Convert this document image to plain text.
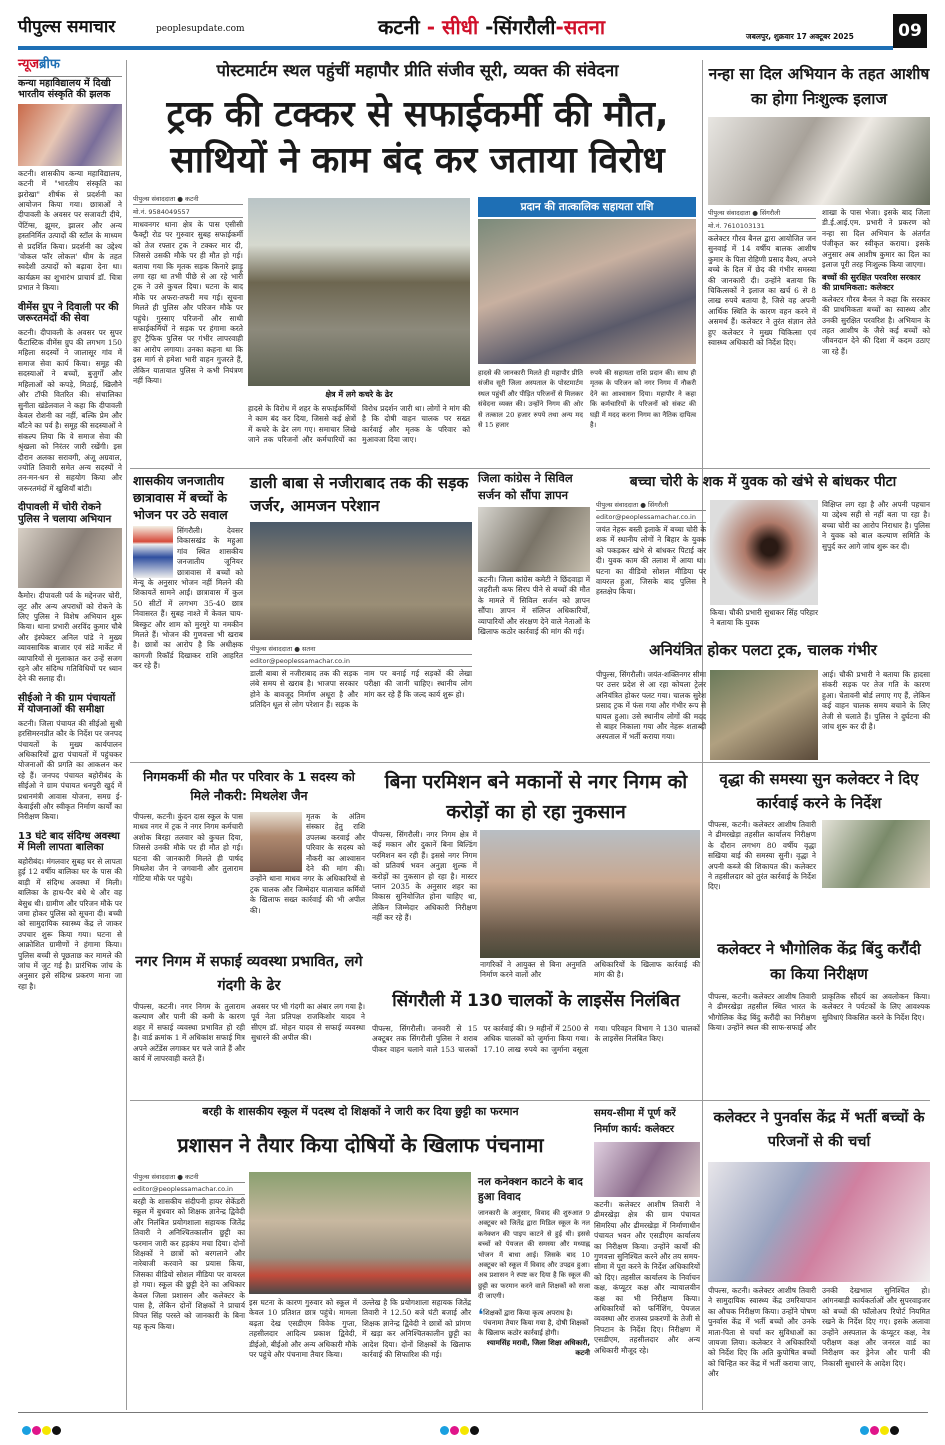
पीपुल्स समाचार	peoplesupdate.com	कटनी - सीधी -सिंगरौली-सतना	जबलपुर, शुक्रवार 17 अक्टूबर 2025	09
न्यूजब्रीफ
कन्या महाविद्यालय में दिखी भारतीय संस्कृति की झलक
कटनी। शासकीय कन्या महाविद्यालय, कटनी में "भारतीय संस्कृति का झरोखा" शीर्षक से प्रदर्शनी का आयोजन किया गया। छात्राओं ने दीपावली के अवसर पर सजावटी दीये, पेंटिंग्स, झूमर, झालर और अन्य हस्तनिर्मित उत्पादों की स्टॉल के माध्यम से प्रदर्शित किया। प्रदर्शनी का उद्देश्य 'वोकल फॉर लोकल' थीम के तहत स्वदेशी उत्पादों को बढ़ावा देना था। कार्यक्रम का शुभारंभ प्राचार्य डॉ. चित्रा प्रभात ने किया।
वीमेंस ग्रुप ने दिवाली पर की जरूरतमंदों की सेवा
कटनी। दीपावली के अवसर पर सुपर फैंटास्टिक वीमेंस ग्रुप की लगभग 150 महिला सदस्यों ने जालासूर गांव में समाज सेवा कार्य किया। समूह की सदस्याओं ने बच्चों, बुजुर्गों और महिलाओं को कपड़े, मिठाई, खिलौने और टॉफी वितरित की। संचालिका सुनीता खंडेलवाल ने कहा कि दीपावली केवल रोशनी का नहीं, बल्कि प्रेम और बाँटने का पर्व है। समूह की सदस्याओं ने संकल्प लिया कि वे समाज सेवा की श्रृंखला को निरंतर जारी रखेंगी। इस दौरान अलका सरावगी, अंजू अग्रवाल, ज्योति तिवारी समेत अन्य सदस्यों ने तन-मन-धन से सहयोग किया और जरूरतमंदों में खुशियाँ बांटी।
दीपावली में चोरी रोकने पुलिस ने चलाया अभियान
कैमोर। दीपावली पर्व के मद्देनजर चोरी, लूट और अन्य अपराधों को रोकने के लिए पुलिस ने विशेष अभियान शुरू किया। थाना प्रभारी अरविंद कुमार चौबे और इंस्पेक्टर अनिल पांडे ने मुख्य व्यावसायिक बाजार एवं संडे मार्केट में व्यापारियों से मुलाकात कर उन्हें सजग रहने और संदिग्ध गतिविधियों पर ध्यान देने की सलाह दी।
सीईओ ने की ग्राम पंचायतों में योजनाओं की समीक्षा
कटनी। जिला पंचायत की सीईओ सुश्री हरसिमरनप्रीत कौर के निर्देश पर जनपद पंचायतों के मुख्य कार्यपालन अधिकारियों द्वारा पंचायतों में पहुंचकर योजनाओं की प्रगति का आकलन कर रहे हैं। जनपद पंचायत बहोरीबंद के सीईओ ने ग्राम पंचायत धनपुरी खुर्द में प्रधानमंत्री आवास योजना, समग्र ई-केवाईसी और स्वीकृत निर्माण कार्यों का निरीक्षण किया।
13 घंटे बाद संदिग्ध अवस्था में मिली लापता बालिका
बहोरीबंद। मंगलवार सुबह घर से लापता हुई 12 वर्षीय बालिका घर के पास की बाड़ी में संदिग्ध अवस्था में मिली। बालिका के हाथ-पैर बंधे थे और वह बेसुध थी। ग्रामीण और परिजन मौके पर जमा होकर पुलिस को सूचना दी। बच्ची को सामुदायिक स्वास्थ्य केंद्र ले जाकर उपचार शुरू किया गया। घटना से आक्रोशित ग्रामीणों ने हंगामा किया। पुलिस बच्ची से पूछताछ कर मामले की जांच में जुट गई है। प्रारंभिक जांच के अनुसार इसे संदिग्ध प्रकरण माना जा रहा है।
पोस्टमार्टम स्थल पहुंचीं महापौर प्रीति संजीव सूरी, व्यक्त की संवेदना
ट्रक की टक्कर से सफाईकर्मी की मौत, साथियों ने काम बंद कर जताया विरोध
पीपुल्स संवाददाता ● कटनी
मो.नं. 9584049557
माधवनगर थाना क्षेत्र के पास एसीसी फैक्ट्री रोड पर गुरुवार सुबह सफाईकर्मी को तेज रफ्तार ट्रक ने टक्कर मार दी, जिससे उसकी मौके पर ही मौत हो गई। बताया गया कि मृतक सड़क किनारे झाड़ू लगा रहा था तभी पीछे से आ रहे भारी ट्रक ने उसे कुचल दिया। घटना के बाद मौके पर अफरा-तफरी मच गई। सूचना मिलते ही पुलिस और परिजन मौके पर पहुंचे। गुस्साए परिजनों और साथी सफाईकर्मियों ने सड़क पर हंगामा करते हुए ट्रैफिक पुलिस पर गंभीर लापरवाही का आरोप लगाया। उनका कहना था कि इस मार्ग से हमेशा भारी वाहन गुजरते हैं, लेकिन यातायात पुलिस ने कभी नियंत्रण नहीं किया।
क्षेत्र में लगे कचरे के ढेर
हादसे के विरोध में शहर के सफाईकर्मियों ने काम बंद कर दिया, जिससे कई क्षेत्रों में कचरे के ढेर लग गए। समाचार लिखे जाने तक परिजनों और कर्मचारियों का विरोध प्रदर्शन जारी था। लोगों ने मांग की है कि दोषी वाहन चालक पर सख्त कार्रवाई और मृतक के परिवार को मुआवजा दिया जाए।
प्रदान की तात्कालिक सहायता राशि
हादसे की जानकारी मिलते ही महापौर प्रीति संजीव सूरी जिला अस्पताल के पोस्टमार्टम स्थल पहुंचीं और पीड़ित परिजनों से मिलकर संवेदना व्यक्त की। उन्होंने निगम की ओर से तत्काल 20 हजार रुपये तथा अन्य मद से 15 हजार
रुपये की सहायता राशि प्रदान की। साथ ही मृतक के परिजन को नगर निगम में नौकरी देने का आश्वासन दिया। महापौर ने कहा कि कर्मचारियों के परिजनों को संकट की घड़ी में मदद करना निगम का नैतिक दायित्व है।
नन्हा सा दिल अभियान के तहत आशीष का होगा निःशुल्क इलाज
पीपुल्स संवाददाता ● सिंगरौली
मो.नं. 7610103131
कलेक्टर गौरव बैनल द्वारा आयोजित जन सुनवाई में 14 वर्षीय बालक आशीष कुमार के पिता रोहिणी प्रसाद वैश्य, अपने बच्चे के दिल में छेद की गंभीर समस्या की जानकारी दी। उन्होंने बताया कि चिकित्सकों ने इलाज का खर्च 6 से 8 लाख रुपये बताया है, जिसे वह अपनी आर्थिक स्थिति के कारण वहन करने में असमर्थ हैं। कलेक्टर ने तुरंत संज्ञान लेते हुए कलेक्टर ने मुख्य चिकित्सा एवं स्वास्थ्य अधिकारी को निर्देश दिए।
शाखा के पास भेजा। इसके बाद जिला डी.ई.आई.एम. प्रभारी ने प्रकरण को नन्हा सा दिल अभियान के अंतर्गत पंजीकृत कर स्वीकृत कराया। इसके अनुसार अब आशीष कुमार का दिल का इलाज पूरी तरह निःशुल्क किया जाएगा।
बच्चों की सुरक्षित परवरिश सरकार की प्राथमिकता: कलेक्टर
कलेक्टर गौरव बैनल ने कहा कि सरकार की प्राथमिकता बच्चों का स्वास्थ्य और उनकी सुरक्षित परवरिश है। अभियान के तहत आशीष के जैसे कई बच्चों को जीवनदान देने की दिशा में कदम उठाए जा रहे हैं।
शासकीय जनजातीय छात्रावास में बच्चों के भोजन पर उठे सवाल
सिंगरौली। देवसर विकासखंड के महुआ गांव स्थित शासकीय जनजातीय जूनियर छात्रावास में बच्चों को मेन्यू के अनुसार भोजन नहीं मिलने की शिकायतें सामने आईं। छात्रावास में कुल 50 सीटों में लगभग 35-40 छात्र निवासरत हैं। सुबह नाश्ते में केवल चाय-बिस्कुट और शाम को मुरमुरे या नमकीन मिलते हैं। भोजन की गुणवत्ता भी खराब है। छात्रों का आरोप है कि अधीक्षक कागजी रिकॉर्ड दिखाकर राशि आहरित कर रहे हैं।
डाली बाबा से नजीराबाद तक की सड़क जर्जर, आमजन परेशान
पीपुल्स संवाददाता ● सतना
editor@peoplessamachar.co.in
डाली बाबा से नजीराबाद तक की सड़क लंबे समय से खराब है। भाजपा सरकार होने के बावजूद निर्माण अधूरा है और प्रतिदिन धूल से लोग परेशान हैं। सड़क के नाम पर बनाई गई सड़कों की लेखा परीक्षा की जानी चाहिए। स्थानीय लोग मांग कर रहे हैं कि जल्द कार्य शुरू हो।
जिला कांग्रेस ने सिविल सर्जन को सौंपा ज्ञापन
कटनी। जिला कांग्रेस कमेटी ने छिंदवाड़ा में जहरीली कफ सिरप पीने से बच्चों की मौत के मामले में सिविल सर्जन को ज्ञापन सौंपा। ज्ञापन में संलिप्त अधिकारियों, व्यापारियों और संरक्षण देने वाले नेताओं के खिलाफ कठोर कार्रवाई की मांग की गई।
बच्चा चोरी के शक में युवक को खंभे से बांधकर पीटा
पीपुल्स संवाददाता ● सिंगरौली
editor@peoplessamachar.co.in
जयंत नेहरू बस्ती इलाके में बच्चा चोरी के शक में स्थानीय लोगों ने बिहार के युवक को पकड़कर खंभे से बांधकर पिटाई कर दी। युवक काम की तलाश में आया था। घटना का वीडियो सोशल मीडिया पर वायरल हुआ, जिसके बाद पुलिस ने हस्तक्षेप किया।
किया। चौकी प्रभारी सुधाकर सिंह परिहार ने बताया कि युवक
विक्षिप्त लग रहा है और अपनी पहचान या उद्देश्य सही से नहीं बता पा रहा है। बच्चा चोरी का आरोप निराधार है। पुलिस ने युवक को बाल कल्याण समिति के सुपुर्द कर आगे जांच शुरू कर दी।
अनियंत्रित होकर पलटा ट्रक, चालक गंभीर
पीपुल्स, सिंगरौली। जयंत-शक्तिनगर सीमा पर उत्तर प्रदेश से आ रहा कोयला ट्रेलर अनियंत्रित होकर पलट गया। चालक सुरेश प्रसाद ट्रक में फंस गया और गंभीर रूप से घायल हुआ। उसे स्थानीय लोगों की मदद से बाहर निकाला गया और नेहरू शताब्दी अस्पताल में भर्ती कराया गया।
आई। चौकी प्रभारी ने बताया कि हादसा संकरी सड़क पर तेज गति के कारण हुआ। चेतावनी बोर्ड लगाए गए हैं, लेकिन कई वाहन चालक समय बचाने के लिए तेजी से चलाते हैं। पुलिस ने दुर्घटना की जांच शुरू कर दी है।
निगमकर्मी की मौत पर परिवार के 1 सदस्य को मिले नौकरी: मिथलेश जैन
पीपल्स, कटनी। कुंदन दास स्कूल के पास माधव नगर में ट्रक ने नगर निगम कर्मचारी अशोक बिरहा तलवार को कुचल दिया, जिससे उनकी मौके पर ही मौत हो गई। घटना की जानकारी मिलते ही पार्षद मिथलेश जैन ने जगवानी और तुलाराम गोटिया मौके पर पहुंचे।
मृतक के अंतिम संस्कार हेतु राशि उपलब्ध करवाई और परिवार के सदस्य को नौकरी का आश्वासन देने की मांग की। उन्होंने थाना माधव नगर के अधिकारियों से ट्रक चालक और जिम्मेदार यातायात कर्मियों के खिलाफ सख्त कार्रवाई की भी अपील की।
बिना परमिशन बने मकानों से नगर निगम को करोड़ों का हो रहा नुकसान
पीपल्स, सिंगरौली। नगर निगम क्षेत्र में कई मकान और दुकानें बिना बिल्डिंग परमिशन बन रही हैं। इससे नगर निगम को प्रतिवर्ष भवन अनुज्ञा शुल्क में करोड़ों का नुकसान हो रहा है। मास्टर प्लान 2035 के अनुसार शहर का विकास सुनियोजित होना चाहिए था, लेकिन जिम्मेदार अधिकारी निरीक्षण नहीं कर रहे हैं।
नागरिकों ने आयुक्त से बिना अनुमति निर्माण करने वालों और
अधिकारियों के खिलाफ कार्रवाई की मांग की है।
वृद्धा की समस्या सुन कलेक्टर ने दिए कार्रवाई करने के निर्देश
पीपल्स, कटनी। कलेक्टर आशीष तिवारी ने ढीमरखेड़ा तहसील कार्यालय निरीक्षण के दौरान लगभग 80 वर्षीय वृद्धा सखिया बाई की समस्या सुनी। वृद्धा ने अपनी कब्जे की शिकायत की। कलेक्टर ने तहसीलदार को तुरंत कार्रवाई के निर्देश दिए।
नगर निगम में सफाई व्यवस्था प्रभावित, लगे गंदगी के ढेर
पीपल्स, कटनी। नगर निगम के तुलाराम कल्याण और पानी की कमी के कारण शहर में सफाई व्यवस्था प्रभावित हो रही है। वार्ड क्रमांक 1 में अधिकांश सफाई मित्र अपने अटेंडेंस लगाकर घर चले जाते हैं और कार्य में लापरवाही करते हैं।
अवसर पर भी गंदगी का अंबार लग गया है। पूर्व नेता प्रतिपक्ष राजकिशोर यादव ने सीएम डॉ. मोहन यादव से सफाई व्यवस्था सुधारने की अपील की।
सिंगरौली में 130 चालकों के लाइसेंस निलंबित
पीपल्स, सिंगरौली। जनवरी से 15 अक्टूबर तक सिंगरौली पुलिस ने शराब पीकर वाहन चलाने वाले 153 चालकों पर कार्रवाई की। 9 महीनों में 2500 से अधिक चालकों को जुर्माना किया गया। 17.10 लाख रुपये का जुर्माना वसूला गया। परिवहन विभाग ने 130 चालकों के लाइसेंस निलंबित किए।
कलेक्टर ने भौगोलिक केंद्र बिंदु करौंदी का किया निरीक्षण
पीपल्स, कटनी। कलेक्टर आशीष तिवारी ने ढीमरखेड़ा तहसील स्थित भारत के भौगोलिक केंद्र बिंदु करौंदी का निरीक्षण किया। उन्होंने स्थल की साफ-सफाई और प्राकृतिक सौंदर्य का अवलोकन किया। कलेक्टर ने पर्यटकों के लिए आवश्यक सुविधाएं विकसित करने के निर्देश दिए।
बरही के शासकीय स्कूल में पदस्थ दो शिक्षकों ने जारी कर दिया छुट्टी का फरमान
प्रशासन ने तैयार किया दोषियों के खिलाफ पंचनामा
पीपुल्स संवाददाता ● कटनी
editor@peoplessamachar.co.in
बरही के शासकीय संदीपनी हायर सेकेंडरी स्कूल में बुधवार को शिक्षक ज्ञानेन्द्र द्विवेदी और निलंबित प्रयोगशाला सहायक जितेंद्र तिवारी ने अनिश्चितकालीन छुट्टी का फरमान जारी कर हड़कंप मचा दिया। दोनों शिक्षकों ने छात्रों को बरगलाने और नारेबाजी करवाने का प्रयास किया, जिसका वीडियो सोशल मीडिया पर वायरल हो गया। स्कूल की छुट्टी देने का अधिकार केवल जिला प्रशासन और कलेक्टर के पास है, लेकिन दोनों शिक्षकों ने प्राचार्य विपत सिंह परस्ते को जानकारी के बिना यह कृत्य किया।
इस घटना के कारण गुरुवार को स्कूल में केवल 10 प्रतिशत छात्र पहुंचे। मामला बढ़ता देख एसडीएम विवेक गुप्ता, तहसीलदार आदित्य प्रकाश द्विवेदी, डीईओ, बीईओ और अन्य अधिकारी मौके पर पहुंचे और पंचनामा तैयार किया।
उल्लेख है कि प्रयोगशाला सहायक जितेंद्र तिवारी ने 12.50 बजे घंटी बजाई और शिक्षक ज्ञानेन्द्र द्विवेदी ने छात्रों को प्रांगण में खड़ा कर अनिश्चितकालीन छुट्टी का आदेश दिया। दोनों शिक्षकों के खिलाफ कार्रवाई की सिफारिश की गई।
नल कनेक्शन काटने के बाद हुआ विवाद
जानकारी के अनुसार, विवाद की शुरुआत 9 अक्टूबर को जितेंद्र द्वारा मिडिल स्कूल के नल कनेक्शन की पाइप काटने से हुई थी। इससे बच्चों को पेयजल की समस्या और मध्याह्न भोजन में बाधा आई। जिसके बाद 10 अक्टूबर को स्कूल में विवाद और उपद्रव हुआ। अब प्रशासन ने स्पष्ट कर दिया है कि स्कूल की छुट्टी का फरमान करने वाले शिक्षकों को सजा दी जाएगी।
❛ शिक्षकों द्वारा किया कृत्य अपराध है। पंचनामा तैयार किया गया है, दोषी शिक्षकों के खिलाफ कठोर कार्रवाई होगी।
श्यामसिंह मरावी, जिला शिक्षा अधिकारी, कटनी
समय-सीमा में पूर्ण करें निर्माण कार्य: कलेक्टर
कटनी। कलेक्टर आशीष तिवारी ने ढीमरखेड़ा क्षेत्र की ग्राम पंचायत सिमरिया और ढीमरखेड़ा में निर्माणाधीन पंचायत भवन और एसडीएम कार्यालय का निरीक्षण किया। उन्होंने कार्यों की गुणवत्ता सुनिश्चित करने और तय समय-सीमा में पूरा करने के निर्देश अधिकारियों को दिए। तहसील कार्यालय के निर्वाचन कक्ष, कंप्यूटर कक्ष और न्यायालयीन कक्ष का भी निरीक्षण किया। अधिकारियों को फर्निशिंग, पेयजल व्यवस्था और राजस्व प्रकरणों के तेजी से निपटान के निर्देश दिए। निरीक्षण में एसडीएम, तहसीलदार और अन्य अधिकारी मौजूद रहे।
कलेक्टर ने पुनर्वास केंद्र में भर्ती बच्चों के परिजनों से की चर्चा
पीपल्स, कटनी। कलेक्टर आशीष तिवारी ने सामुदायिक स्वास्थ्य केंद्र उमरियापान का औचक निरीक्षण किया। उन्होंने पोषण पुनर्वास केंद्र में भर्ती बच्चों और उनके माता-पिता से चर्चा कर सुविधाओं का जायजा लिया। कलेक्टर ने अधिकारियों को निर्देश दिए कि अति कुपोषित बच्चों को चिन्हित कर केंद्र में भर्ती कराया जाए, और
उनकी देखभाल सुनिश्चित हो। आंगनबाड़ी कार्यकर्ताओं और सुपरवाइजर को बच्चों की फॉलोअप रिपोर्ट नियमित रखने के निर्देश दिए गए। इसके अलावा उन्होंने अस्पताल के कंप्यूटर कक्ष, नेत्र परीक्षण कक्ष और जनरल वार्ड का निरीक्षण कर ड्रेनेज और पानी की निकासी सुधारने के आदेश दिए।
